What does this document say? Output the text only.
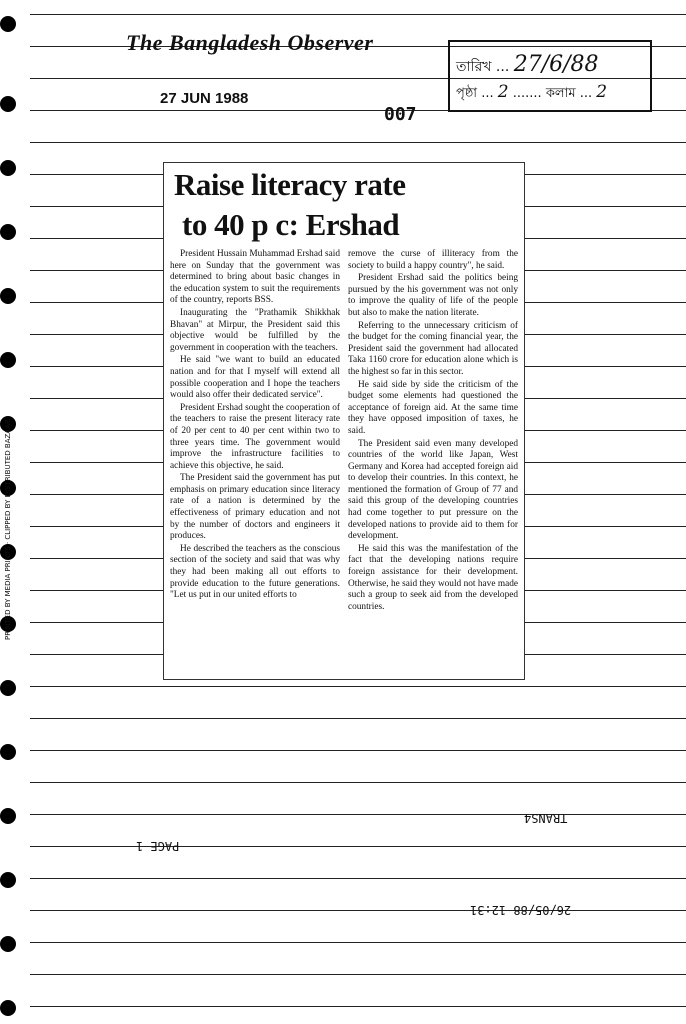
The Bangladesh Observer
27 JUN 1988
007
তারিখ ... 27/6/88
পৃষ্ঠা ... 2 ....... কলাম ... 2
Raise literacy rate
to 40 p c: Ershad

President Hussain Muhammad Ershad said here on Sunday that the government was determined to bring about basic changes in the education system to suit the requirements of the country, reports BSS.

Inaugurating the "Prathamik Shikkhak Bhavan" at Mirpur, the President said this objective would be fulfilled by the government in cooperation with the teachers.

He said "we want to build an educated nation and for that I myself will extend all possible cooperation and I hope the teachers would also offer their dedicated service".

President Ershad sought the cooperation of the teachers to raise the present literacy rate of 20 per cent to 40 per cent within two to three years time. The government would improve the infrastructure facilities to achieve this objective, he said.

The President said the government has put emphasis on primary education since literacy rate of a nation is determined by the effectiveness of primary education and not by the number of doctors and engineers it produces.

He described the teachers as the conscious section of the society and said that was why they had been making all out efforts to provide education to the future generations. "Let us put in our united efforts to

remove the curse of illiteracy from the society to build a happy country", he said.

President Ershad said the politics being pursued by the his government was not only to improve the quality of life of the people but also to make the nation literate.

Referring to the unnecessary criticism of the budget for the coming financial year, the President said the government had allocated Taka 1160 crore for education alone which is the highest so far in this sector.

He said side by side the criticism of the budget some elements had questioned the acceptance of foreign aid. At the same time they have opposed imposition of taxes, he said.

The President said even many developed countries of the world like Japan, West Germany and Korea had accepted foreign aid to develop their countries. In this context, he mentioned the formation of Group of 77 and said this group of the developing countries had come together to put pressure on the developed nations to provide aid to them for development.

He said this was the manifestation of the fact that the developing nations require foreign assistance for their development. Otherwise, he said they would not have made such a group to seek aid from the developed countries.

TRANS4
PAGE 1
26/05/88 12:31
PRINTED BY MEDIA PRINTS · CLIPPED BY DISTRIBUTED BAZAAR
